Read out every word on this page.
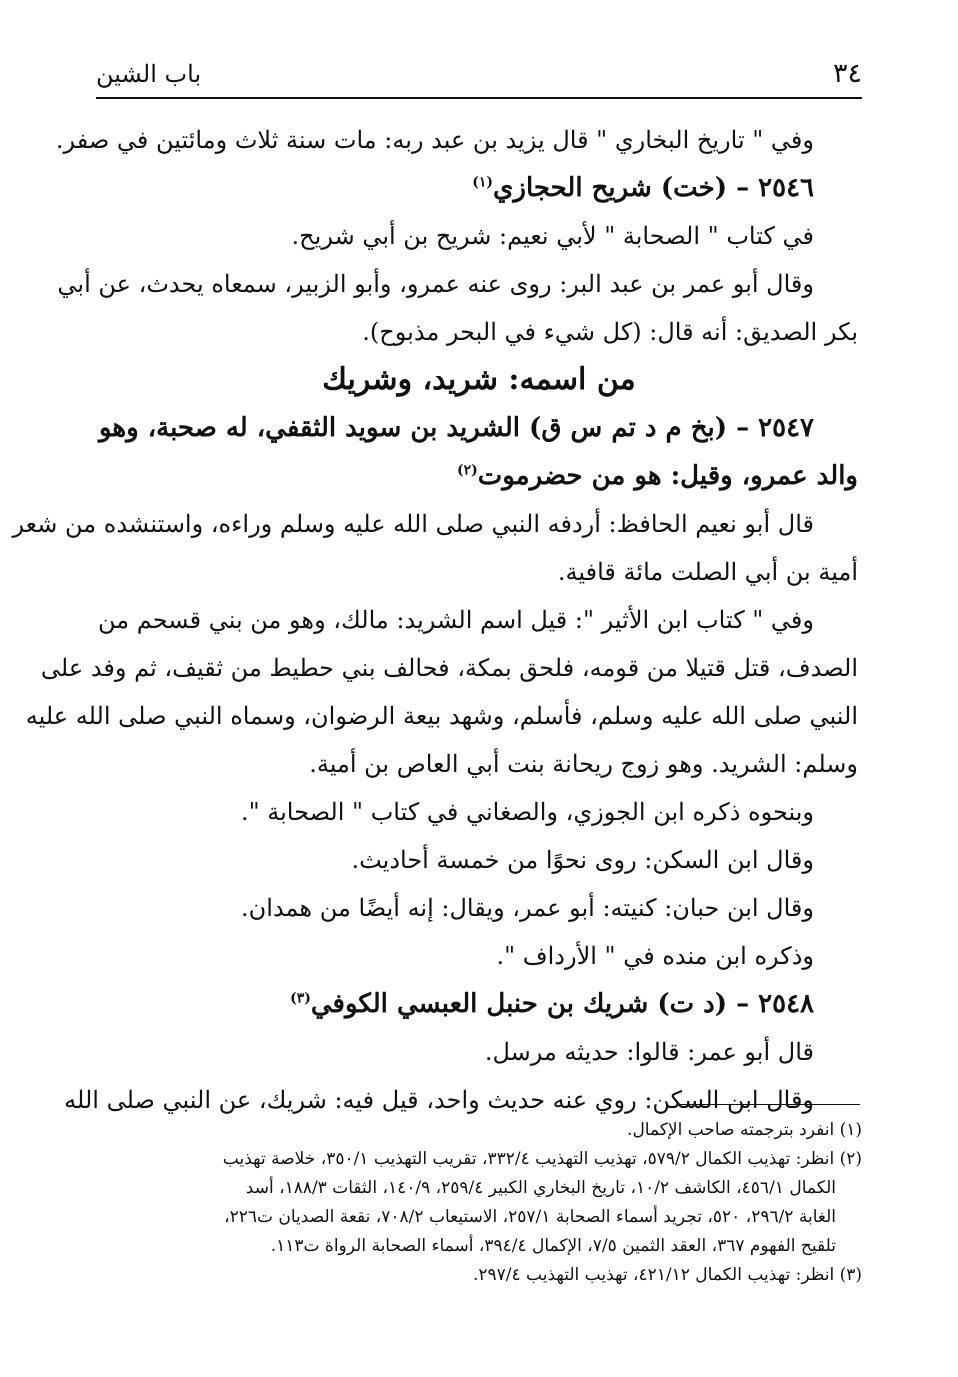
٣٤
باب الشين
وفي " تاريخ البخاري " قال يزيد بن عبد ربه: مات سنة ثلاث ومائتين في صفر.
٢٥٤٦ – (خت) شريح الحجازي$^{(١)}$
في كتاب " الصحابة " لأبي نعيم: شريح بن أبي شريح.
وقال أبو عمر بن عبد البر: روى عنه عمرو، وأبو الزبير، سمعاه يحدث، عن أبي
بكر الصديق: أنه قال: (كل شيء في البحر مذبوح).
من اسمه: شريد، وشريك
٢٥٤٧ – (بخ م د تم س ق) الشريد بن سويد الثقفي، له صحبة، وهو
والد عمرو، وقيل: هو من حضرموت$^{(٢)}$
قال أبو نعيم الحافظ: أردفه النبي صلى الله عليه وسلم وراءه، واستنشده من شعر
أمية بن أبي الصلت مائة قافية.
وفي " كتاب ابن الأثير ": قيل اسم الشريد: مالك، وهو من بني قسحم من
الصدف، قتل قتيلا من قومه، فلحق بمكة، فحالف بني حطيط من ثقيف، ثم وفد على
النبي صلى الله عليه وسلم، فأسلم، وشهد بيعة الرضوان، وسماه النبي صلى الله عليه
وسلم: الشريد. وهو زوج ريحانة بنت أبي العاص بن أمية.
وبنحوه ذكره ابن الجوزي، والصغاني في كتاب " الصحابة ".
وقال ابن السكن: روى نحوًا من خمسة أحاديث.
وقال ابن حبان: كنيته: أبو عمر، ويقال: إنه أيضًا من همدان.
وذكره ابن منده في " الأرداف ".
٢٥٤٨ – (د ت) شريك بن حنبل العبسي الكوفي$^{(٣)}$
قال أبو عمر: قالوا: حديثه مرسل.
وقال ابن السكن: روي عنه حديث واحد، قيل فيه: شريك، عن النبي صلى الله
(١) انفرد بترجمته صاحب الإكمال.
(٢) انظر: تهذيب الكمال ٥٧٩/٢، تهذيب التهذيب ٣٣٢/٤، تقريب التهذيب ٣٥٠/١، خلاصة تهذيب
الكمال ٤٥٦/١، الكاشف ١٠/٢، تاريخ البخاري الكبير ٢٥٩/٤، ١٤٠/٩، الثقات ١٨٨/٣، أسد
الغابة ٢٩٦/٢، ٥٢٠، تجريد أسماء الصحابة ٢٥٧/١، الاستيعاب ٧٠٨/٢، نقعة الصديان ت٢٢٦،
تلقيح الفهوم ٣٦٧، العقد الثمين ٧/٥، الإكمال ٣٩٤/٤، أسماء الصحابة الرواة ت١١٣.
(٣) انظر: تهذيب الكمال ٤٢١/١٢، تهذيب التهذيب ٢٩٧/٤.
